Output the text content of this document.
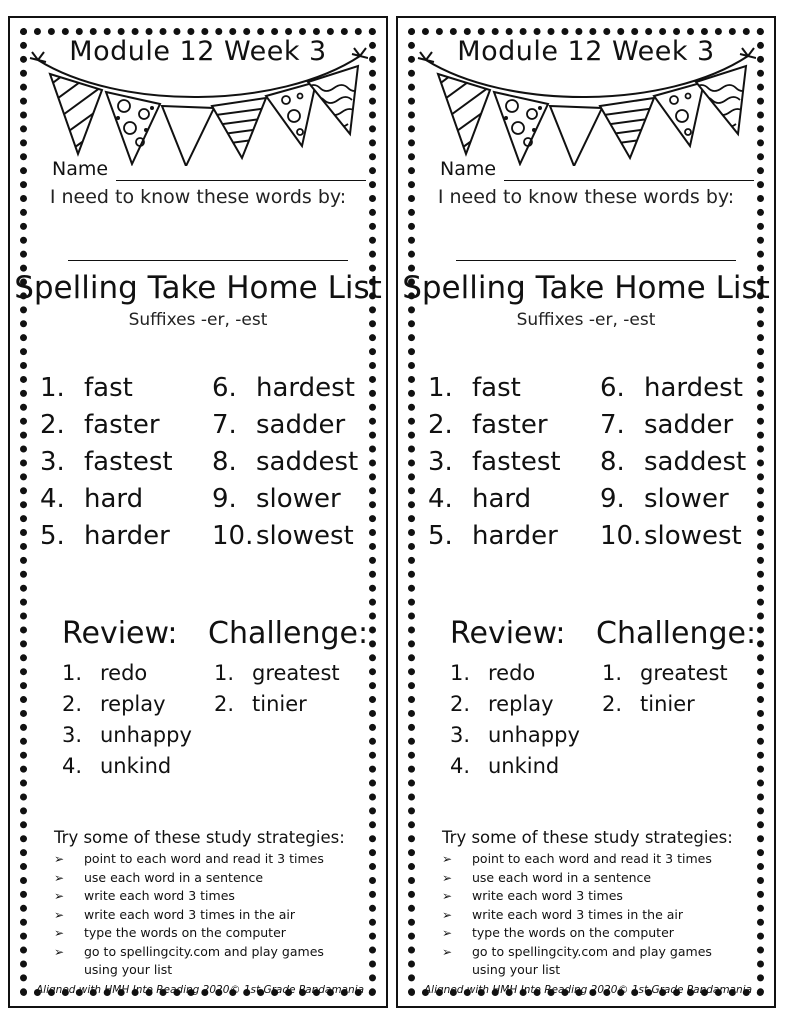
Module 12 Week 3
Name
I need to know these words by:
Spelling Take Home List
Suffixes -er, -est
1. fast
2. faster
3. fastest
4. hard
5. harder
6. hardest
7. sadder
8. saddest
9. slower
10. slowest
Review: Challenge:
1. redo
2. replay
3. unhappy
4. unkind
1. greatest
2. tinier
Try some of these study strategies:
➢ point to each word and read it 3 times
➢ use each word in a sentence
➢ write each word 3 times
➢ write each word 3 times in the air
➢ type the words on the computer
➢ go to spellingcity.com and play games using your list
Aligned with HMH Into Reading 2020 © 1st Grade Pandamania
Module 12 Week 3
Name
I need to know these words by:
Spelling Take Home List
Suffixes -er, -est
1. fast
2. faster
3. fastest
4. hard
5. harder
6. hardest
7. sadder
8. saddest
9. slower
10. slowest
Review: Challenge:
1. redo
2. replay
3. unhappy
4. unkind
1. greatest
2. tinier
Try some of these study strategies:
➢ point to each word and read it 3 times
➢ use each word in a sentence
➢ write each word 3 times
➢ write each word 3 times in the air
➢ type the words on the computer
➢ go to spellingcity.com and play games using your list
Aligned with HMH Into Reading 2020 © 1st Grade Pandamania
